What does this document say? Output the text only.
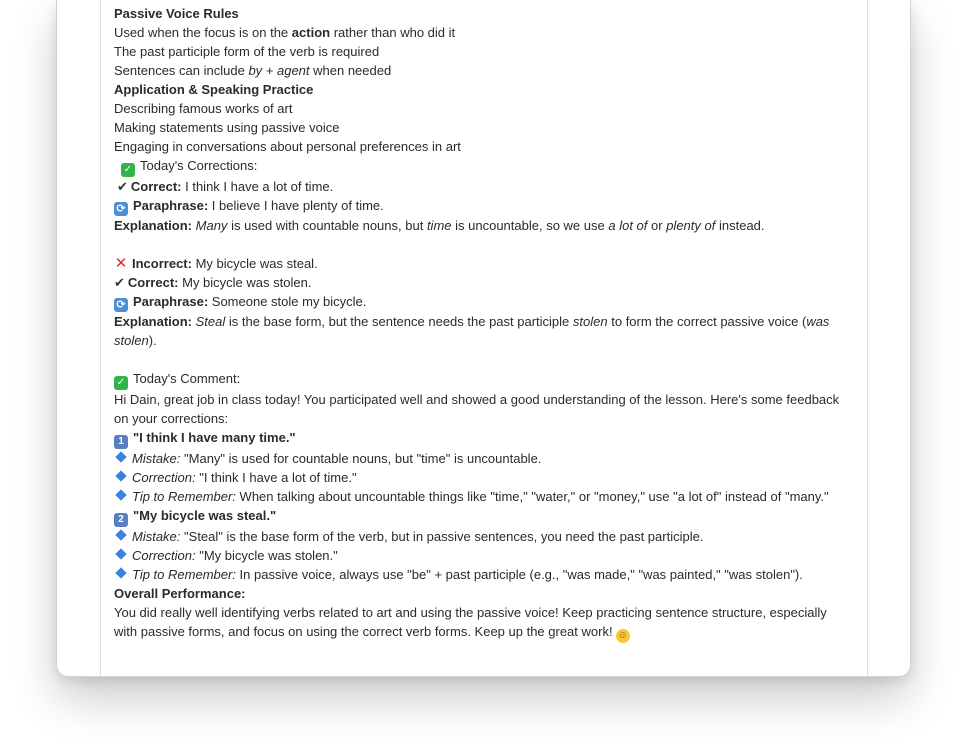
Passive Voice Rules
Used when the focus is on the action rather than who did it
The past participle form of the verb is required
Sentences can include by + agent when needed
Application & Speaking Practice
Describing famous works of art
Making statements using passive voice
Engaging in conversations about personal preferences in art
✓ Today's Corrections:
✔ Correct: I think I have a lot of time.
⟳ Paraphrase: I believe I have plenty of time.
Explanation: Many is used with countable nouns, but time is uncountable, so we use a lot of or plenty of instead.
✕ Incorrect: My bicycle was steal.
✔ Correct: My bicycle was stolen.
⟳ Paraphrase: Someone stole my bicycle.
Explanation: Steal is the base form, but the sentence needs the past participle stolen to form the correct passive voice (was stolen).
✓ Today's Comment:
Hi Dain, great job in class today! You participated well and showed a good understanding of the lesson. Here's some feedback on your corrections:
1 "I think I have many time."
Mistake: "Many" is used for countable nouns, but "time" is uncountable.
Correction: "I think I have a lot of time."
Tip to Remember: When talking about uncountable things like "time," "water," or "money," use "a lot of" instead of "many."
2 "My bicycle was steal."
Mistake: "Steal" is the base form of the verb, but in passive sentences, you need the past participle.
Correction: "My bicycle was stolen."
Tip to Remember: In passive voice, always use "be" + past participle (e.g., "was made," "was painted," "was stolen").
Overall Performance:
You did really well identifying verbs related to art and using the passive voice! Keep practicing sentence structure, especially with passive forms, and focus on using the correct verb forms. Keep up the great work! ☺
